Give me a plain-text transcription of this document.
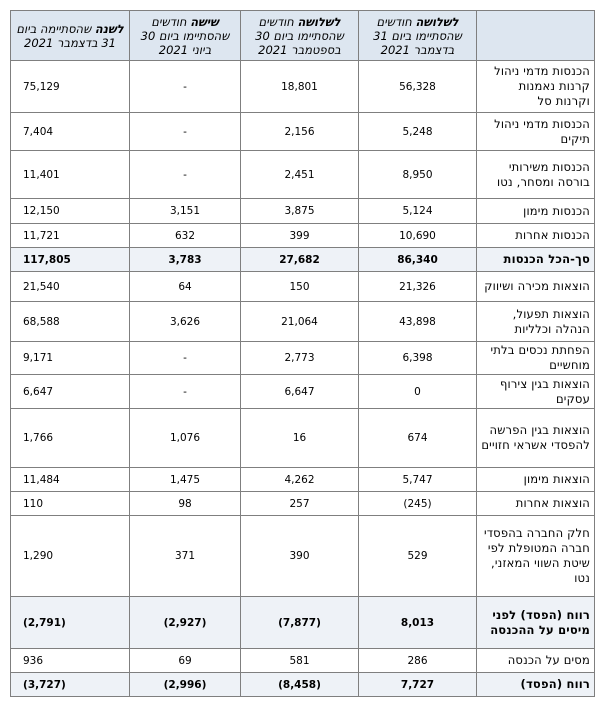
	לשלושה חודשים שהסתיימו ביום 31 בדצמבר 2021	לשלושה חודשים שהסתיימו ביום 30 בספטמבר 2021	שישה חודשים שהסתיימו ביום 30 ביוני 2021	לשנה שהסתיימה ביום 31 בדצמבר 2021
הכנסות מדמי ניהול קרנות נאמנות וקרנות סל	56,328	18,801	-	75,129
הכנסות מדמי ניהול תיקים	5,248	2,156	-	7,404
הכנסות משירותי בורסה ומסחר, נטו	8,950	2,451	-	11,401
הכנסות מימון	5,124	3,875	3,151	12,150
הכנסות אחרות	10,690	399	632	11,721
סך-הכל הכנסות	86,340	27,682	3,783	117,805
הוצאות מכירה ושיווק	21,326	150	64	21,540
הוצאות תפעול, הנהלה וכלליות	43,898	21,064	3,626	68,588
הפחתת נכסים בלתי מוחשיים	6,398	2,773	-	9,171
הוצאות בגין צירוף עסקים	0	6,647	-	6,647
הוצאות בגין הפרשה להפסדי אשראי חזויים	674	16	1,076	1,766
הוצאות מימון	5,747	4,262	1,475	11,484
הוצאות אחרות	(245)	257	98	110
חלק החברה בהפסדי חברה המטופלת לפי שיטת השווי המאזני, נטו	529	390	371	1,290
רווח (הפסד) לפני מיסים על ההכנסה	8,013	(7,877)	(2,927)	(2,791)
מסים על הכנסה	286	581	69	936
רווח (הפסד)	7,727	(8,458)	(2,996)	(3,727)
